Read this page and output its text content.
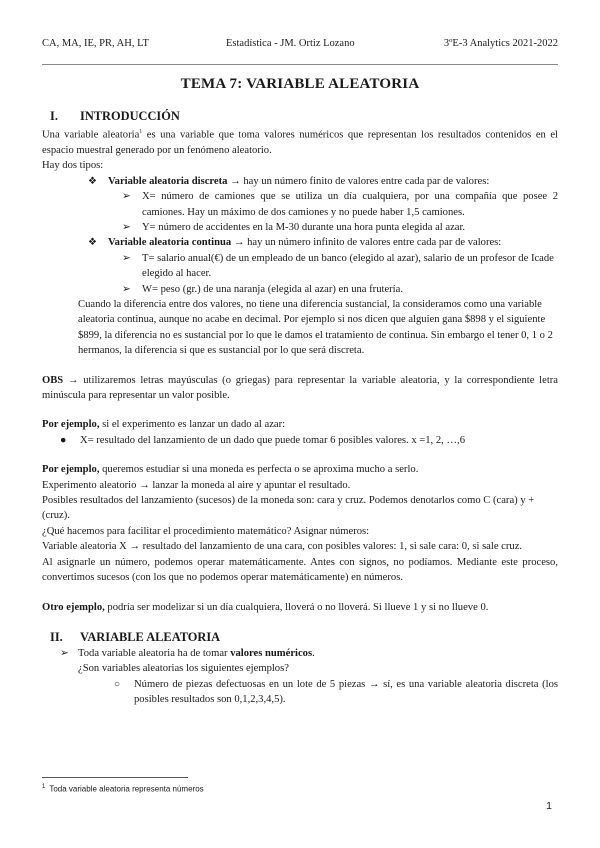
CA, MA, IE, PR, AH, LT	Estadística - JM. Ortiz Lozano	3ºE-3 Analytics 2021-2022
TEMA 7: VARIABLE ALEATORIA

I. INTRODUCCIÓN

Una variable aleatoria$^1$ es una variable que toma valores numéricos que representan los resultados contenidos en el espacio muestral generado por un fenómeno aleatorio.

Hay dos tipos:

❖ Variable aleatoria discreta → hay un número finito de valores entre cada par de valores:

➢ X= número de camiones que se utiliza un día cualquiera, por una compañía que posee 2 camiones. Hay un máximo de dos camiones y no puede haber 1,5 camiones.

➢ Y= número de accidentes en la M-30 durante una hora punta elegida al azar.

❖ Variable aleatoria continua → hay un número infinito de valores entre cada par de valores:

➢ T= salario anual(€) de un empleado de un banco (elegido al azar), salario de un profesor de Icade elegido al hacer.

➢ W= peso (gr.) de una naranja (elegida al azar) en una frutería.

Cuando la diferencia entre dos valores, no tiene una diferencia sustancial, la consideramos como una variable aleatoria continua, aunque no acabe en decimal. Por ejemplo si nos dicen que alguien gana $898 y el siguiente $899, la diferencia no es sustancial por lo que le damos el tratamiento de continua. Sin embargo el tener 0, 1 o 2 hermanos, la diferencia si que es sustancial por lo que será discreta.

OBS → utilizaremos letras mayúsculas (o griegas) para representar la variable aleatoria, y la correspondiente letra minúscula para representar un valor posible.

Por ejemplo, si el experimento es lanzar un dado al azar:

● X= resultado del lanzamiento de un dado que puede tomar 6 posibles valores. x =1, 2, …,6

Por ejemplo, queremos estudiar si una moneda es perfecta o se aproxima mucho a serlo.

Experimento aleatorio → lanzar la moneda al aire y apuntar el resultado.

Posibles resultados del lanzamiento (sucesos) de la moneda son: cara y cruz. Podemos denotarlos como C (cara) y + (cruz).

¿Qué hacemos para facilitar el procedimiento matemático? Asignar números:

Variable aleatoria X → resultado del lanzamiento de una cara, con posibles valores: 1, si sale cara: 0, si sale cruz.

Al asignarle un número, podemos operar matemáticamente. Antes con signos, no podíamos. Mediante este proceso, convertimos sucesos (con los que no podemos operar matemáticamente) en números.

Otro ejemplo, podría ser modelizar si un día cualquiera, lloverá o no lloverá. Si llueve 1 y si no llueve 0.

II. VARIABLE ALEATORIA

➢ Toda variable aleatoria ha de tomar valores numéricos.

¿Son variables aleatorias los siguientes ejemplos?

○ Número de piezas defectuosas en un lote de 5 piezas → sí, es una variable aleatoria discreta (los posibles resultados son 0,1,2,3,4,5).

$^1$ Toda variable aleatoria representa números
1
